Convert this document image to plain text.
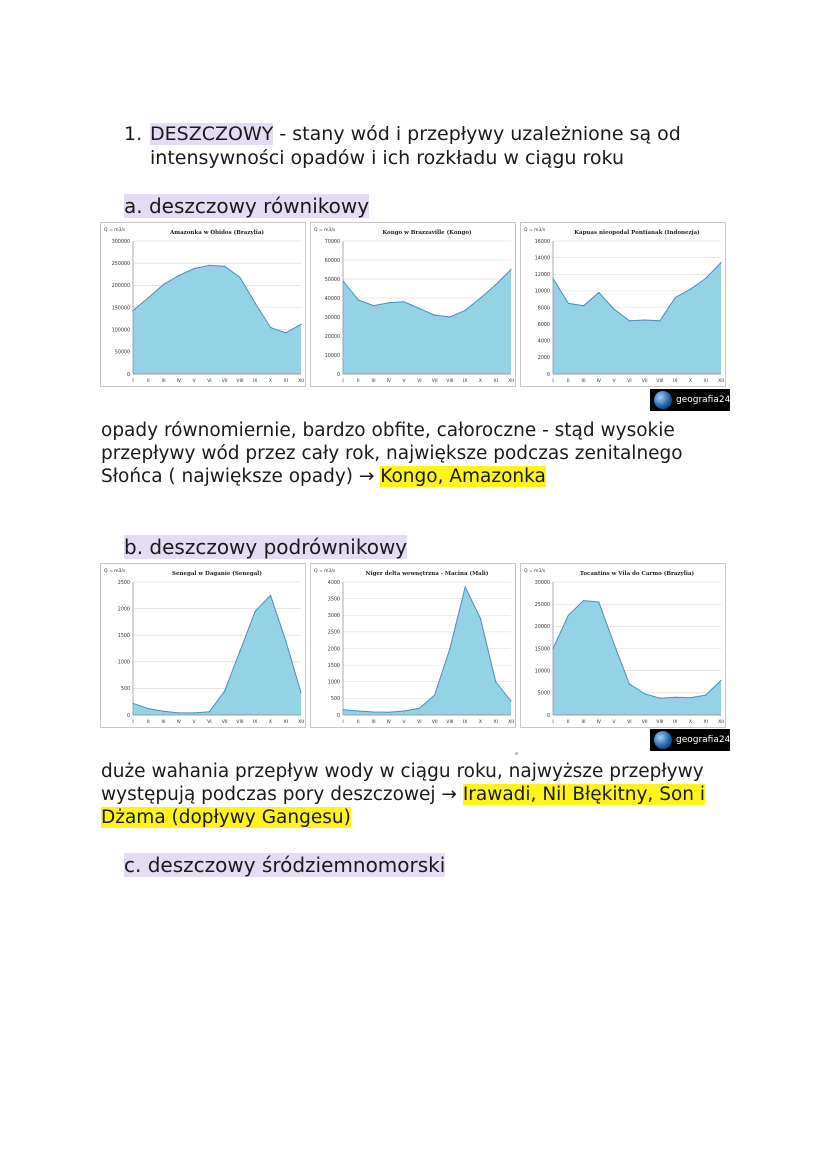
1. DESZCZOWY - stany wód i przepływy uzależnione są od
intensywności opadów i ich rozkładu w ciągu roku
a. deszczowy równikowy
Amazonka w Óbidos (Brazylia)
Q = m3/s
0
50000
100000
150000
200000
250000
300000
I	II	III IV V VI VII VIII IX X XI XII
Kongo w Brazzaville (Kongo)
Q = m3/s
0
10000
20000
30000
40000
50000
60000
70000
I	II	III IV V VI VII VIII IX X XI XII
Kapuas nieopodal Pontianak (Indonezja)
Q = m3/s
0
2000
4000
6000
8000
10000
12000
14000
16000
I	II	III IV V VI VII VIII IX X XI XII
geografia24.pl
opady równomiernie, bardzo obfite, całoroczne - stąd wysokie
przepływy wód przez cały rok, największe podczas zenitalnego
Słońca ( największe opady) → Kongo, Amazonka
b. deszczowy podrównikowy
Senegal w Daganie (Senegal)
Q = m3/s
0
500
1000
1500
2000
2500
I	II	III IV V VI VII VIII IX X XI XII
Niger delta wewnętrzna - Macina (Mali)
Q = m3/s
0
500
1000
1500
2000
2500
3000
3500
4000
I	II	III IV V VI VII VIII IX X XI XII
Tocantins w Vila do Carmo (Brazylia)
Q = m3/s
0
5000
10000
15000
20000
25000
30000
I	II	III IV V VI VII VIII IX X XI XII
geografia24.pl
duże wahania przepływ wody w ciągu roku, najwyższe przepływy
występują podczas pory deszczowej → Irawadi, Nil Błękitny, Son i
Dżama (dopływy Gangesu)
c. deszczowy śródziemnomorski
